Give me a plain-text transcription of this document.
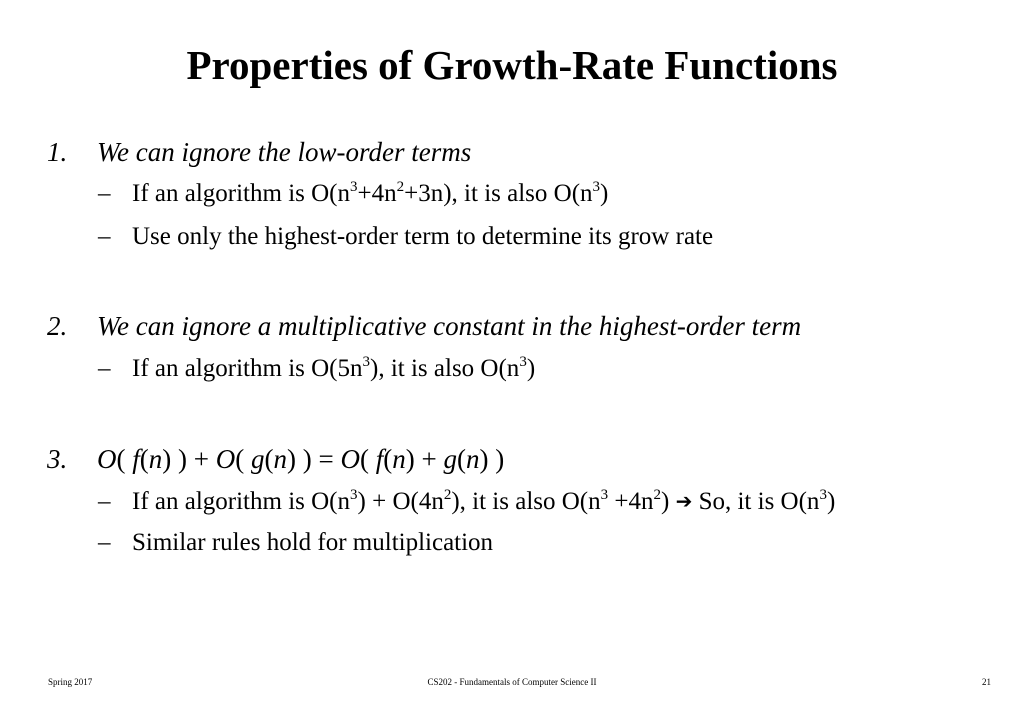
Properties of Growth-Rate Functions
1. We can ignore the low-order terms
– If an algorithm is $O(n^3+4n^2+3n)$, it is also $O(n^3)$
– Use only the highest-order term to determine its grow rate
2. We can ignore a multiplicative constant in the highest-order term
– If an algorithm is $O(5n^3)$, it is also $O(n^3)$
3. O( f(n) ) + O( g(n) ) = O( f(n) + g(n) )
– If an algorithm is $O(n^3) + O(4n^2)$, it is also $O(n^3 +4n^2)$ ➔ So, it is $O(n^3)$
– Similar rules hold for multiplication
Spring 2017	CS202 - Fundamentals of Computer Science II	21
